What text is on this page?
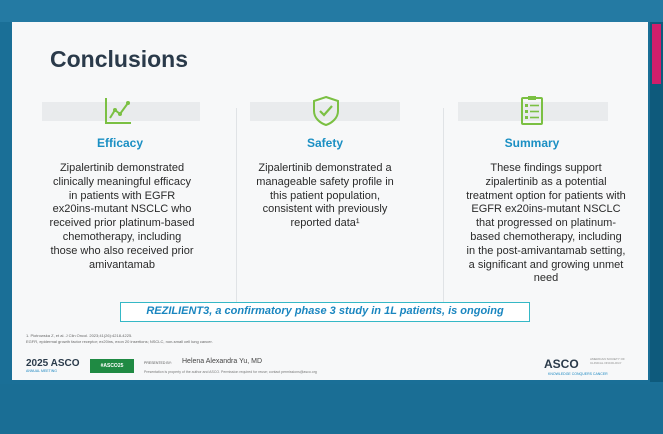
Conclusions
Efficacy
Zipalertinib demonstrated
clinically meaningful efficacy
in patients with EGFR
ex20ins-mutant NSCLC who
received prior platinum-based
chemotherapy, including
those who also received prior
amivantamab
Safety
Zipalertinib demonstrated a
manageable safety profile in
this patient population,
consistent with previously
reported data¹
Summary
These findings support
zipalertinib as a potential
treatment option for patients with
EGFR ex20ins-mutant NSCLC
that progressed on platinum-
based chemotherapy, including
in the post-amivantamab setting,
a significant and growing unmet
need
REZILIENT3, a confirmatory phase 3 study in 1L patients, is ongoing
1. Piotrowska Z, et al. J Clin Oncol. 2023;41(26):4218-4225.
EGFR, epidermal growth factor receptor; ex20ins, exon 20 insertions; NSCLC, non-small cell lung cancer.
2025 ASCO
ANNUAL MEETING
#ASCO25	PRESENTED BY: Helena Alexandra Yu, MD
Presentation is property of the author and ASCO. Permission required for reuse; contact permissions@asco.org
ASCO	AMERICAN SOCIETY OF CLINICAL ONCOLOGY
KNOWLEDGE CONQUERS CANCER
